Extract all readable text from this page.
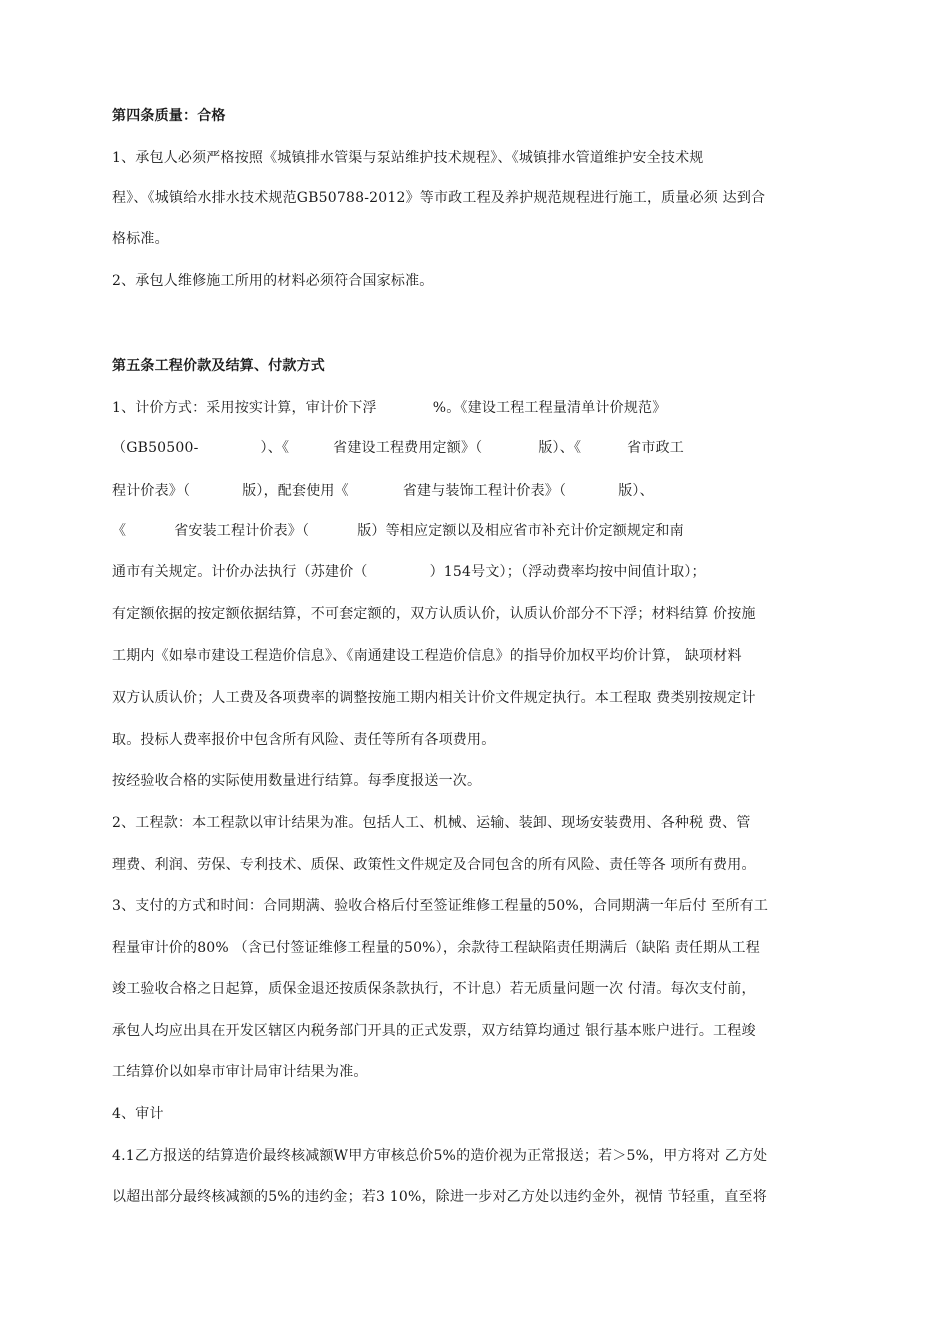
第四条质量：合格
1、承包人必须严格按照《城镇排水管渠与泵站维护技术规程》、《城镇排水管道维护安全技术规
程》、《城镇给水排水技术规范GB50788-2012》等市政工程及养护规范规程进行施工，质量必须 达到合
格标准。
2、承包人维修施工所用的材料必须符合国家标准。
第五条工程价款及结算、付款方式
1、计价方式：采用按实计算，审计价下浮	%。《建设工程工程量清单计价规范》
（GB50500-	）、《	省建设工程费用定额》（	版）、《	省市政工
程计价表》（	版），配套使用《	省建与装饰工程计价表》（	版）、
《	省安装工程计价表》（	版）等相应定额以及相应省市补充计价定额规定和南
通市有关规定。计价办法执行（苏建价（	）154号文）；（浮动费率均按中间值计取）；
有定额依据的按定额依据结算，不可套定额的，双方认质认价，认质认价部分不下浮；材料结算 价按施
工期内《如皋市建设工程造价信息》、《南通建设工程造价信息》的指导价加权平均价计算， 缺项材料
双方认质认价；人工费及各项费率的调整按施工期内相关计价文件规定执行。本工程取 费类别按规定计
取。投标人费率报价中包含所有风险、责任等所有各项费用。
按经验收合格的实际使用数量进行结算。每季度报送一次。
2、工程款：本工程款以审计结果为准。包括人工、机械、运输、装卸、现场安装费用、各种税 费、管
理费、利润、劳保、专利技术、质保、政策性文件规定及合同包含的所有风险、责任等各 项所有费用。
3、支付的方式和时间：合同期满、验收合格后付至签证维修工程量的50%，合同期满一年后付 至所有工
程量审计价的80% （含已付签证维修工程量的50%），余款待工程缺陷责任期满后（缺陷 责任期从工程
竣工验收合格之日起算，质保金退还按质保条款执行，不计息）若无质量问题一次 付清。每次支付前，
承包人均应出具在开发区辖区内税务部门开具的正式发票，双方结算均通过 银行基本账户进行。工程竣
工结算价以如皋市审计局审计结果为准。
4、审计
4.1乙方报送的结算造价最终核减额W甲方审核总价5%的造价视为正常报送；若＞5%，甲方将对 乙方处
以超出部分最终核减额的5%的违约金；若3 10%，除进一步对乙方处以违约金外，视情 节轻重，直至将
